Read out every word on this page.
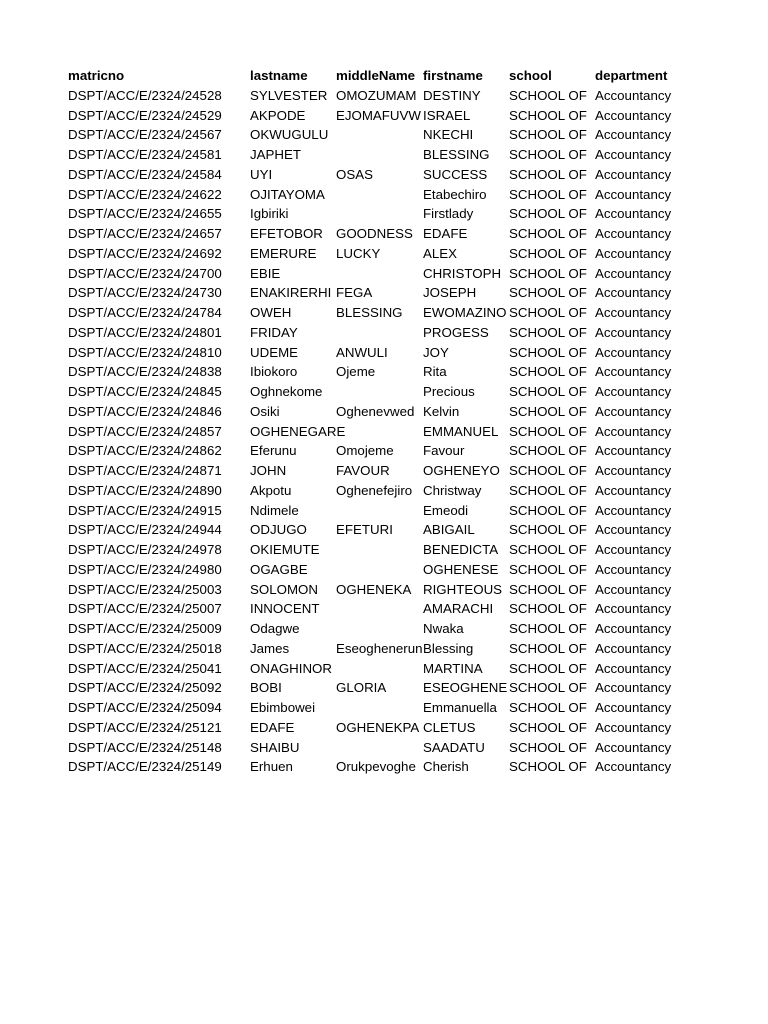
matricno	lastname	middleName	firstname	school	department
DSPT/ACC/E/2324/24528	SYLVESTER	OMOZUMAM	DESTINY	SCHOOL OF	Accountancy
DSPT/ACC/E/2324/24529	AKPODE	EJOMAFUVW	ISRAEL	SCHOOL OF	Accountancy
DSPT/ACC/E/2324/24567	OKWUGULU		NKECHI	SCHOOL OF	Accountancy
DSPT/ACC/E/2324/24581	JAPHET		BLESSING	SCHOOL OF	Accountancy
DSPT/ACC/E/2324/24584	UYI	OSAS	SUCCESS	SCHOOL OF	Accountancy
DSPT/ACC/E/2324/24622	OJITAYOMA		Etabechiro	SCHOOL OF	Accountancy
DSPT/ACC/E/2324/24655	Igbiriki		Firstlady	SCHOOL OF	Accountancy
DSPT/ACC/E/2324/24657	EFETOBOR	GOODNESS	EDAFE	SCHOOL OF	Accountancy
DSPT/ACC/E/2324/24692	EMERURE	LUCKY	ALEX	SCHOOL OF	Accountancy
DSPT/ACC/E/2324/24700	EBIE		CHRISTOPH	SCHOOL OF	Accountancy
DSPT/ACC/E/2324/24730	ENAKIRERHI	FEGA	JOSEPH	SCHOOL OF	Accountancy
DSPT/ACC/E/2324/24784	OWEH	BLESSING	EWOMAZINO	SCHOOL OF	Accountancy
DSPT/ACC/E/2324/24801	FRIDAY		PROGESS	SCHOOL OF	Accountancy
DSPT/ACC/E/2324/24810	UDEME	ANWULI	JOY	SCHOOL OF	Accountancy
DSPT/ACC/E/2324/24838	Ibiokoro	Ojeme	Rita	SCHOOL OF	Accountancy
DSPT/ACC/E/2324/24845	Oghnekome		Precious	SCHOOL OF	Accountancy
DSPT/ACC/E/2324/24846	Osiki	Oghenevwed	Kelvin	SCHOOL OF	Accountancy
DSPT/ACC/E/2324/24857	OGHENEGARE		EMMANUEL	SCHOOL OF	Accountancy
DSPT/ACC/E/2324/24862	Eferunu	Omojeme	Favour	SCHOOL OF	Accountancy
DSPT/ACC/E/2324/24871	JOHN	FAVOUR	OGHENEYO	SCHOOL OF	Accountancy
DSPT/ACC/E/2324/24890	Akpotu	Oghenefejiro	Christway	SCHOOL OF	Accountancy
DSPT/ACC/E/2324/24915	Ndimele		Emeodi	SCHOOL OF	Accountancy
DSPT/ACC/E/2324/24944	ODJUGO	EFETURI	ABIGAIL	SCHOOL OF	Accountancy
DSPT/ACC/E/2324/24978	OKIEMUTE		BENEDICTA	SCHOOL OF	Accountancy
DSPT/ACC/E/2324/24980	OGAGBE		OGHENESE	SCHOOL OF	Accountancy
DSPT/ACC/E/2324/25003	SOLOMON	OGHENEKA	RIGHTEOUS	SCHOOL OF	Accountancy
DSPT/ACC/E/2324/25007	INNOCENT		AMARACHI	SCHOOL OF	Accountancy
DSPT/ACC/E/2324/25009	Odagwe		Nwaka	SCHOOL OF	Accountancy
DSPT/ACC/E/2324/25018	James	Eseoghenerun	Blessing	SCHOOL OF	Accountancy
DSPT/ACC/E/2324/25041	ONAGHINOR		MARTINA	SCHOOL OF	Accountancy
DSPT/ACC/E/2324/25092	BOBI	GLORIA	ESEOGHENE	SCHOOL OF	Accountancy
DSPT/ACC/E/2324/25094	Ebimbowei		Emmanuella	SCHOOL OF	Accountancy
DSPT/ACC/E/2324/25121	EDAFE	OGHENEKPA	CLETUS	SCHOOL OF	Accountancy
DSPT/ACC/E/2324/25148	SHAIBU		SAADATU	SCHOOL OF	Accountancy
DSPT/ACC/E/2324/25149	Erhuen	Orukpevoghe	Cherish	SCHOOL OF	Accountancy
